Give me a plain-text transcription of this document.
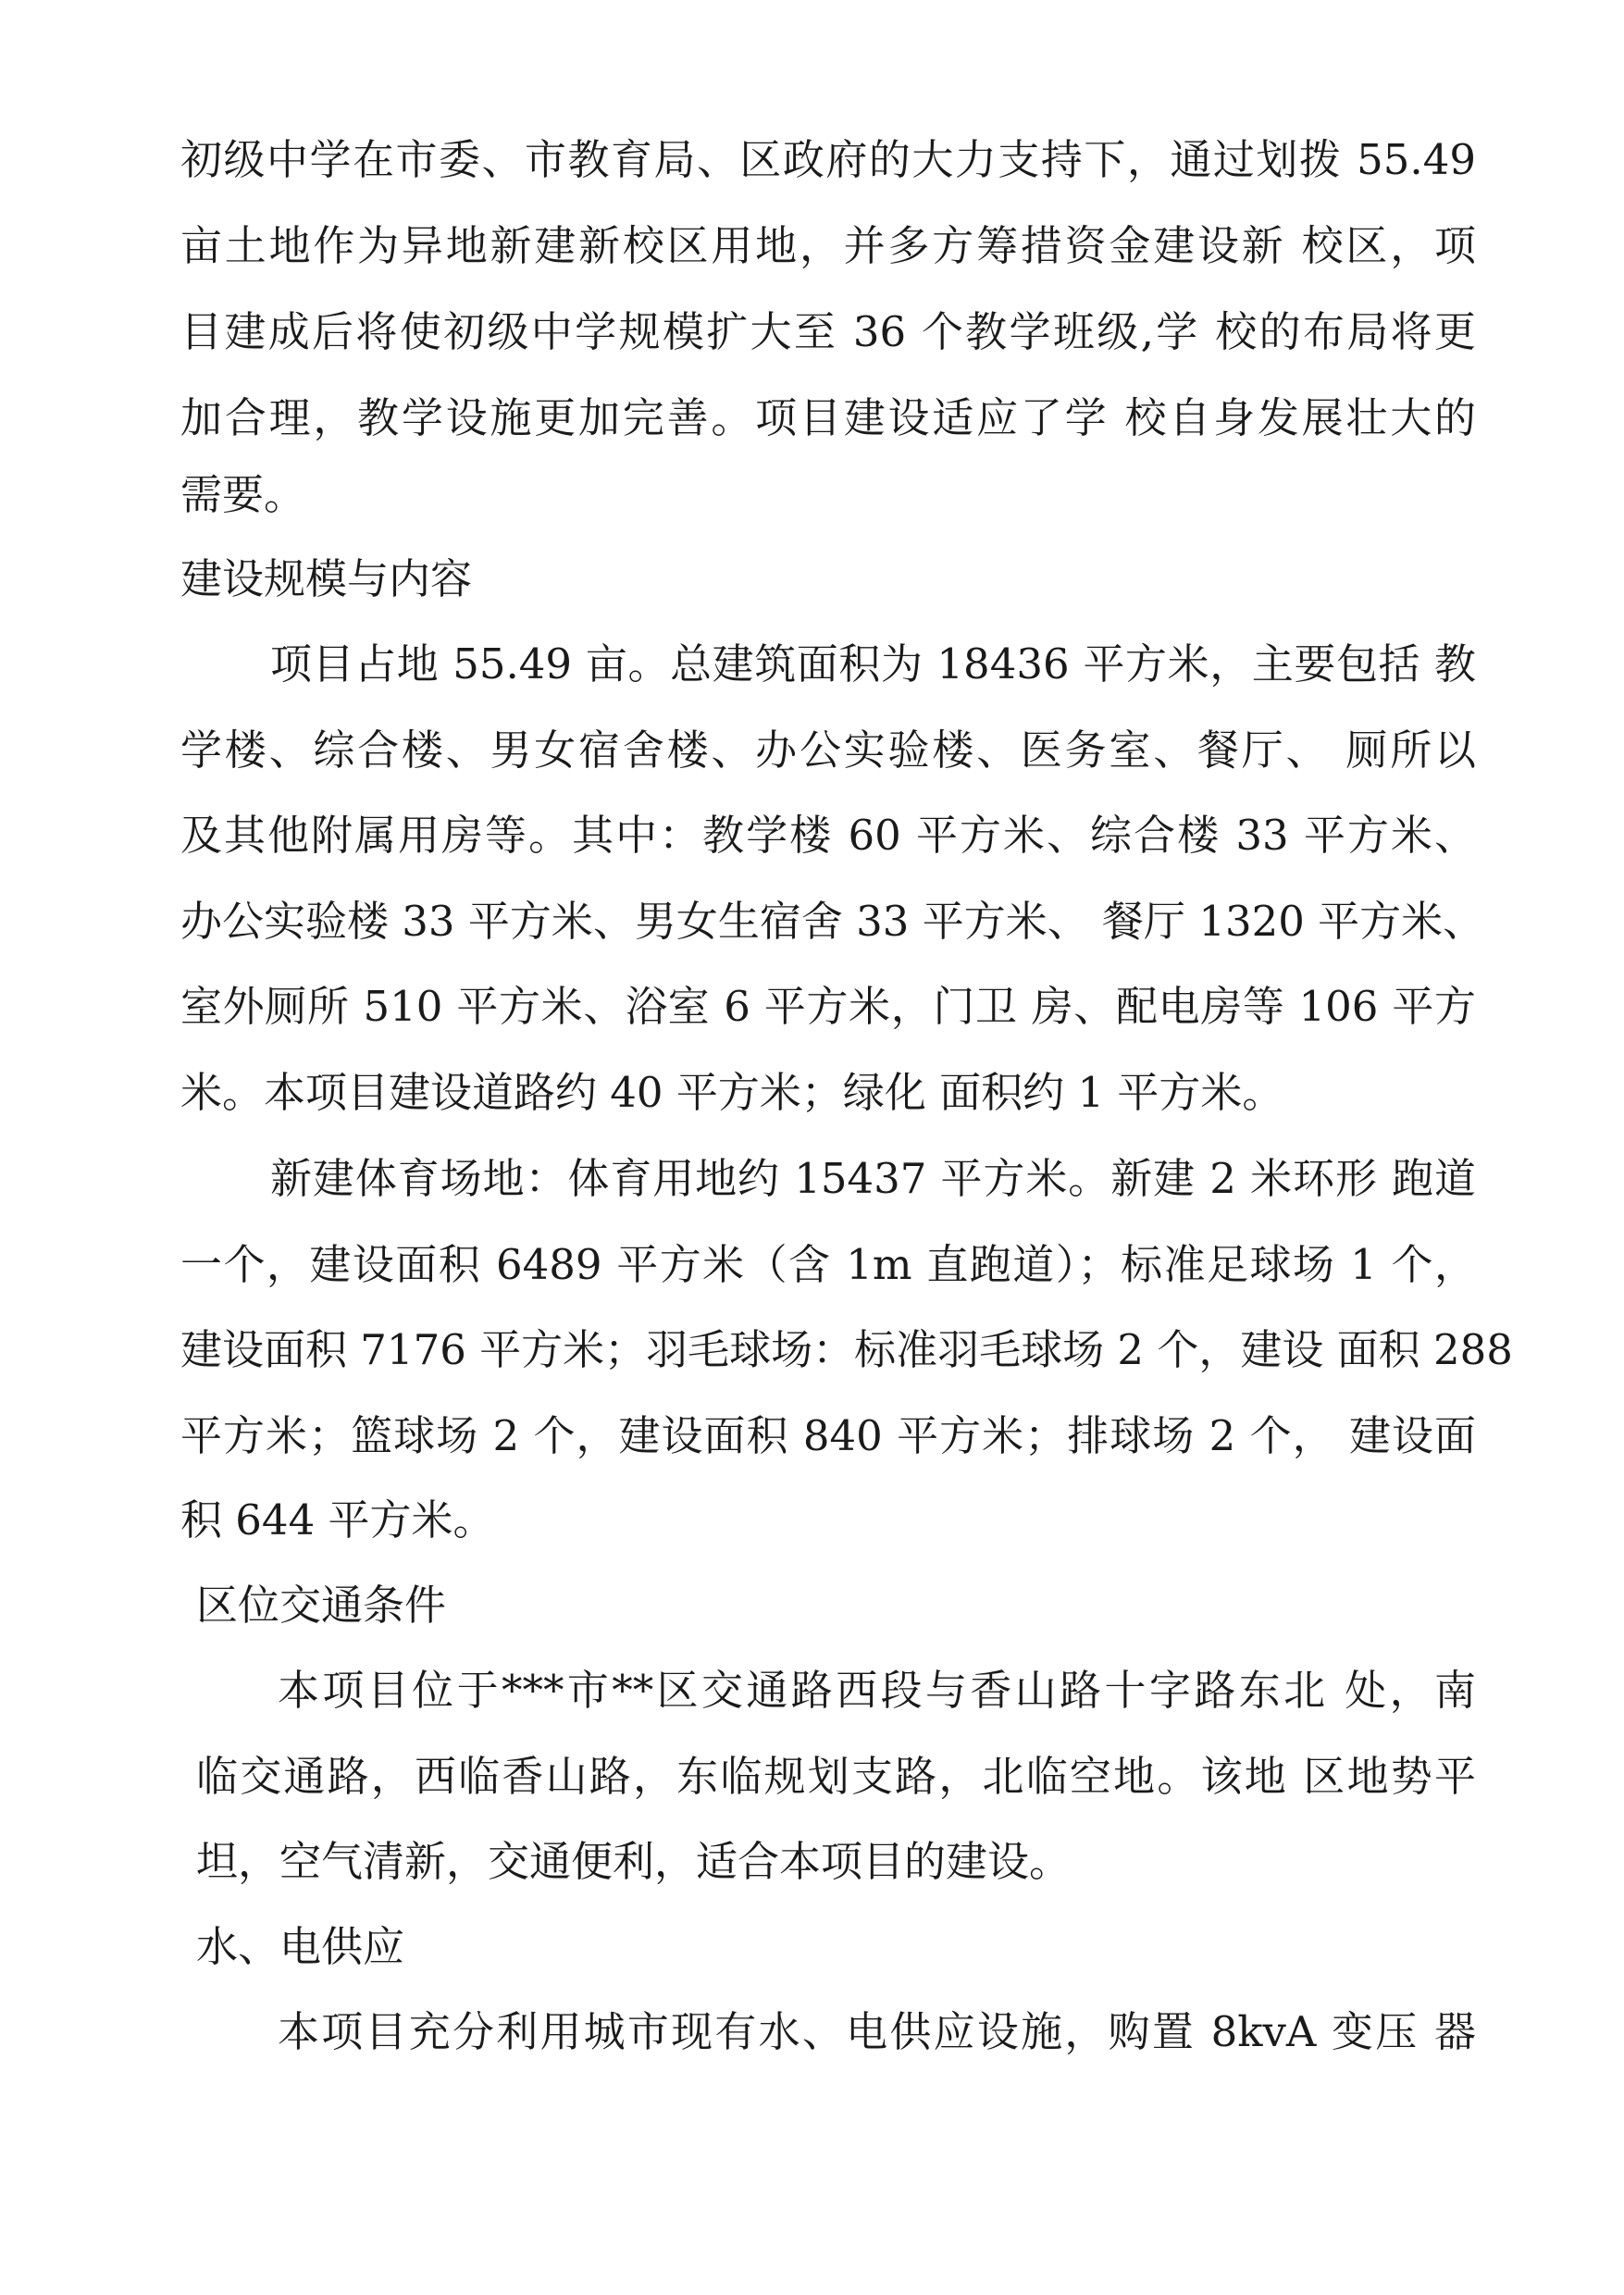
初级中学在市委、市教育局、区政府的大力支持下，通过划拨 55.49
亩土地作为异地新建新校区用地，并多方筹措资金建设新 校区，项
目建成后将使初级中学规模扩大至 36 个教学班级,学 校的布局将更
加合理，教学设施更加完善。项目建设适应了学 校自身发展壮大的
需要。
建设规模与内容
项目占地 55.49 亩。总建筑面积为 18436 平方米，主要包括 教
学楼、综合楼、男女宿舍楼、办公实验楼、医务室、餐厅、 厕所以
及其他附属用房等。其中：教学楼 60 平方米、综合楼 33 平方米、
办公实验楼 33 平方米、男女生宿舍 33 平方米、 餐厅 1320 平方米、
室外厕所 510 平方米、浴室 6 平方米，门卫 房、配电房等 106 平方
米。本项目建设道路约 40 平方米；绿化 面积约 1 平方米。
新建体育场地：体育用地约 15437 平方米。新建 2 米环形 跑道
一个，建设面积 6489 平方米（含 1m 直跑道）；标准足球场 1 个，
建设面积 7176 平方米；羽毛球场：标准羽毛球场 2 个，建设 面积 288
平方米；篮球场 2 个，建设面积 840 平方米；排球场 2 个， 建设面
积 644 平方米。
区位交通条件
本项目位于***市**区交通路西段与香山路十字路东北 处，南
临交通路，西临香山路，东临规划支路，北临空地。该地 区地势平
坦，空气清新，交通便利，适合本项目的建设。
水、电供应
本项目充分利用城市现有水、电供应设施，购置 8kvA 变压 器
